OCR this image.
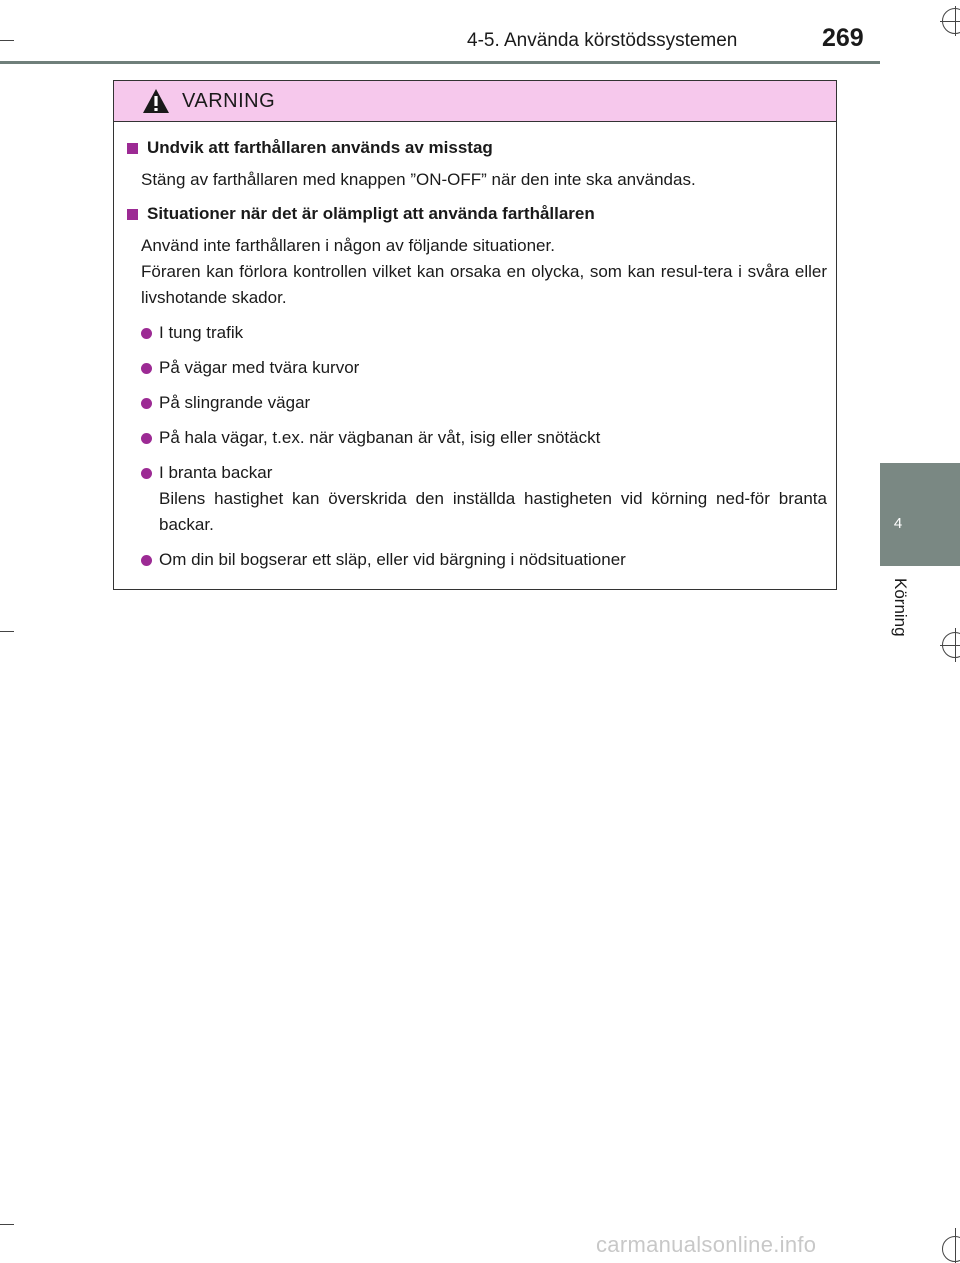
4-5. Använda körstödssystemen	269
4
Körning
VARNING
Undvik att farthållaren används av misstag
Stäng av farthållaren med knappen ”ON-OFF” när den inte ska användas.
Situationer när det är olämpligt att använda farthållaren
Använd inte farthållaren i någon av följande situationer.
Föraren kan förlora kontrollen vilket kan orsaka en olycka, som kan resul-tera i svåra eller livshotande skador.
I tung trafik
På vägar med tvära kurvor
På slingrande vägar
På hala vägar, t.ex. när vägbanan är våt, isig eller snötäckt
I branta backar
Bilens hastighet kan överskrida den inställda hastigheten vid körning ned-för branta backar.
Om din bil bogserar ett släp, eller vid bärgning i nödsituationer
carmanualsonline.info
